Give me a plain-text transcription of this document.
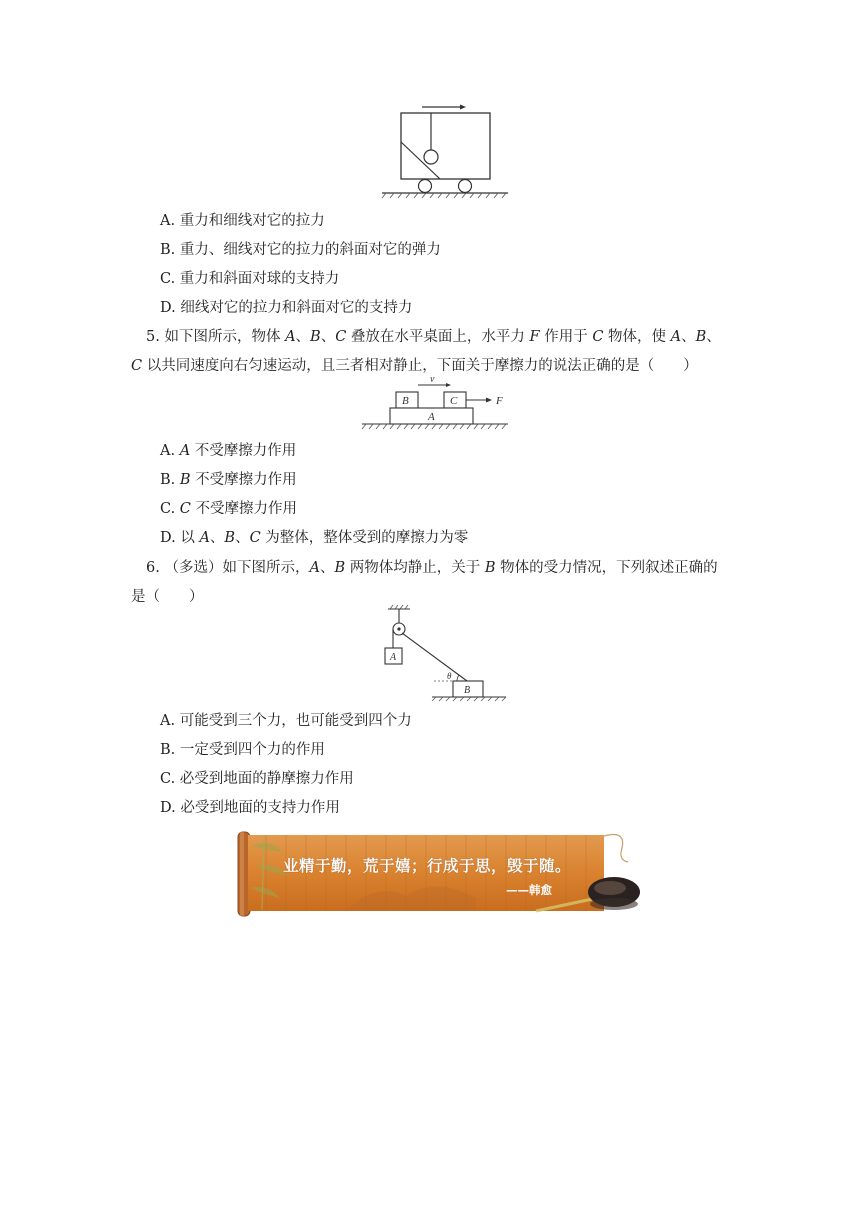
A. 重力和细线对它的拉力
B. 重力、细线对它的拉力的斜面对它的弹力
C. 重力和斜面对球的支持力
D. 细线对它的拉力和斜面对它的支持力
5. 如下图所示，物体 A、B、C 叠放在水平桌面上，水平力 F 作用于 C 物体，使 A、B、
C 以共同速度向右匀速运动，且三者相对静止，下面关于摩擦力的说法正确的是（　　）
v
B	C	F
A
A. A 不受摩擦力作用
B. B 不受摩擦力作用
C. C 不受摩擦力作用
D. 以 A、B、C 为整体，整体受到的摩擦力为零
6. （多选）如下图所示，A、B 两物体均静止，关于 B 物体的受力情况，下列叙述正确的
是（　　）
A
θ
B
A. 可能受到三个力，也可能受到四个力
B. 一定受到四个力的作用
C. 必受到地面的静摩擦力作用
D. 必受到地面的支持力作用
业精于勤，荒于嬉；行成于思，毁于随。
——韩愈
